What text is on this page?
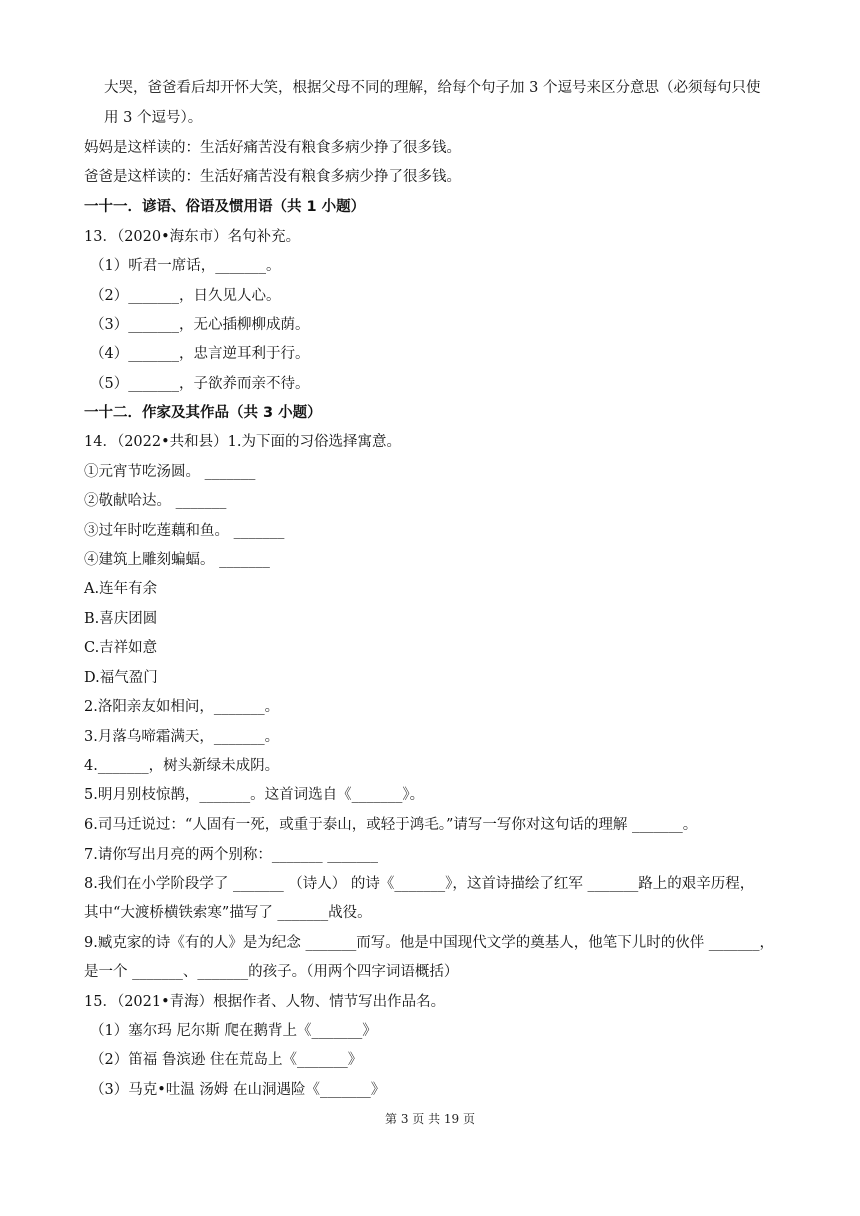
大哭，爸爸看后却开怀大笑，根据父母不同的理解，给每个句子加 3 个逗号来区分意思（必须每句只使
用 3 个逗号）。
妈妈是这样读的：生活好痛苦没有粮食多病少挣了很多钱。
爸爸是这样读的：生活好痛苦没有粮食多病少挣了很多钱。
一十一．谚语、俗语及惯用语（共 1 小题）
13．（2020•海东市）名句补充。
（1）听君一席话，_______。
（2）_______，日久见人心。
（3）_______，无心插柳柳成荫。
（4）_______，忠言逆耳利于行。
（5）_______，子欲养而亲不待。
一十二．作家及其作品（共 3 小题）
14．（2022•共和县）1.为下面的习俗选择寓意。
①元宵节吃汤圆。 _______
②敬献哈达。 _______
③过年时吃莲藕和鱼。 _______
④建筑上雕刻蝙蝠。 _______
A.连年有余
B.喜庆团圆
C.吉祥如意
D.福气盈门
2.洛阳亲友如相问，_______。
3.月落乌啼霜满天，_______。
4._______，树头新绿未成阴。
5.明月别枝惊鹊，_______。这首词选自《_______》。
6.司马迁说过：“人固有一死，或重于泰山，或轻于鸿毛。”请写一写你对这句话的理解 _______。
7.请你写出月亮的两个别称：_______ _______
8.我们在小学阶段学了 _______ （诗人） 的诗《_______》，这首诗描绘了红军 _______路上的艰辛历程，
其中“大渡桥横铁索寒”描写了 _______战役。
9.臧克家的诗《有的人》是为纪念 _______而写。他是中国现代文学的奠基人，他笔下儿时的伙伴 _______，
是一个 _______、_______的孩子。（用两个四字词语概括）
15．（2021•青海）根据作者、人物、情节写出作品名。
（1）塞尔玛 尼尔斯 爬在鹅背上《_______》
（2）笛福 鲁滨逊 住在荒岛上《_______》
（3）马克•吐温 汤姆 在山洞遇险《_______》
第 3 页 共 19 页
